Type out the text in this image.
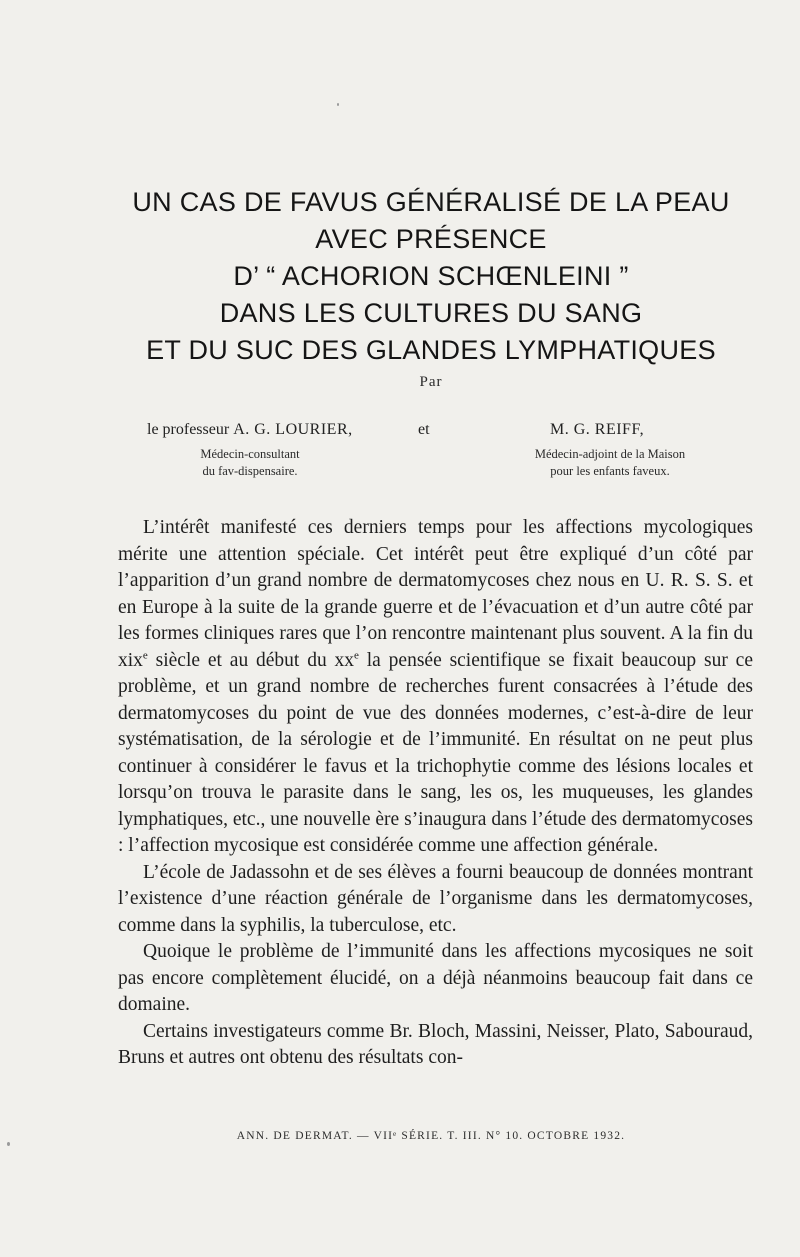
UN CAS DE FAVUS GÉNÉRALISÉ DE LA PEAU
AVEC PRÉSENCE
D’ “ ACHORION SCHŒNLEINI ”
DANS LES CULTURES DU SANG
ET DU SUC DES GLANDES LYMPHATIQUES
Par
le professeur A. G. LOURIER,	et	M. G. REIFF,
Médecin-consultant
du fav-dispensaire.
Médecin-adjoint de la Maison
pour les enfants faveux.

L’intérêt manifesté ces derniers temps pour les affections mycologiques mérite une attention spéciale. Cet intérêt peut être expliqué d’un côté par l’apparition d’un grand nombre de dermatomycoses chez nous en U. R. S. S. et en Europe à la suite de la grande guerre et de l’évacuation et d’un autre côté par les formes cliniques rares que l’on rencontre maintenant plus souvent. A la fin du xix$^e$ siècle et au début du $xx^e$ la pensée scientifique se fixait beaucoup sur ce problème, et un grand nombre de recherches furent consacrées à l’étude des dermatomycoses du point de vue des données modernes, c’est-à-dire de leur systématisation, de la sérologie et de l’immunité. En résultat on ne peut plus continuer à considérer le favus et la trichophytie comme des lésions locales et lorsqu’on trouva le parasite dans le sang, les os, les muqueuses, les glandes lymphatiques, etc., une nouvelle ère s’inaugura dans l’étude des dermatomycoses : l’affection mycosique est considérée comme une affection générale.

L’école de Jadassohn et de ses élèves a fourni beaucoup de données montrant l’existence d’une réaction générale de l’organisme dans les dermatomycoses, comme dans la syphilis, la tuberculose, etc.

Quoique le problème de l’immunité dans les affections mycosiques ne soit pas encore complètement élucidé, on a déjà néanmoins beaucoup fait dans ce domaine.

Certains investigateurs comme Br. Bloch, Massini, Neisser, Plato, Sabouraud, Bruns et autres ont obtenu des résultats con-

ANN. DE DERMAT. — VIIᵉ SÉRIE. T. III. N° 10. OCTOBRE 1932.
